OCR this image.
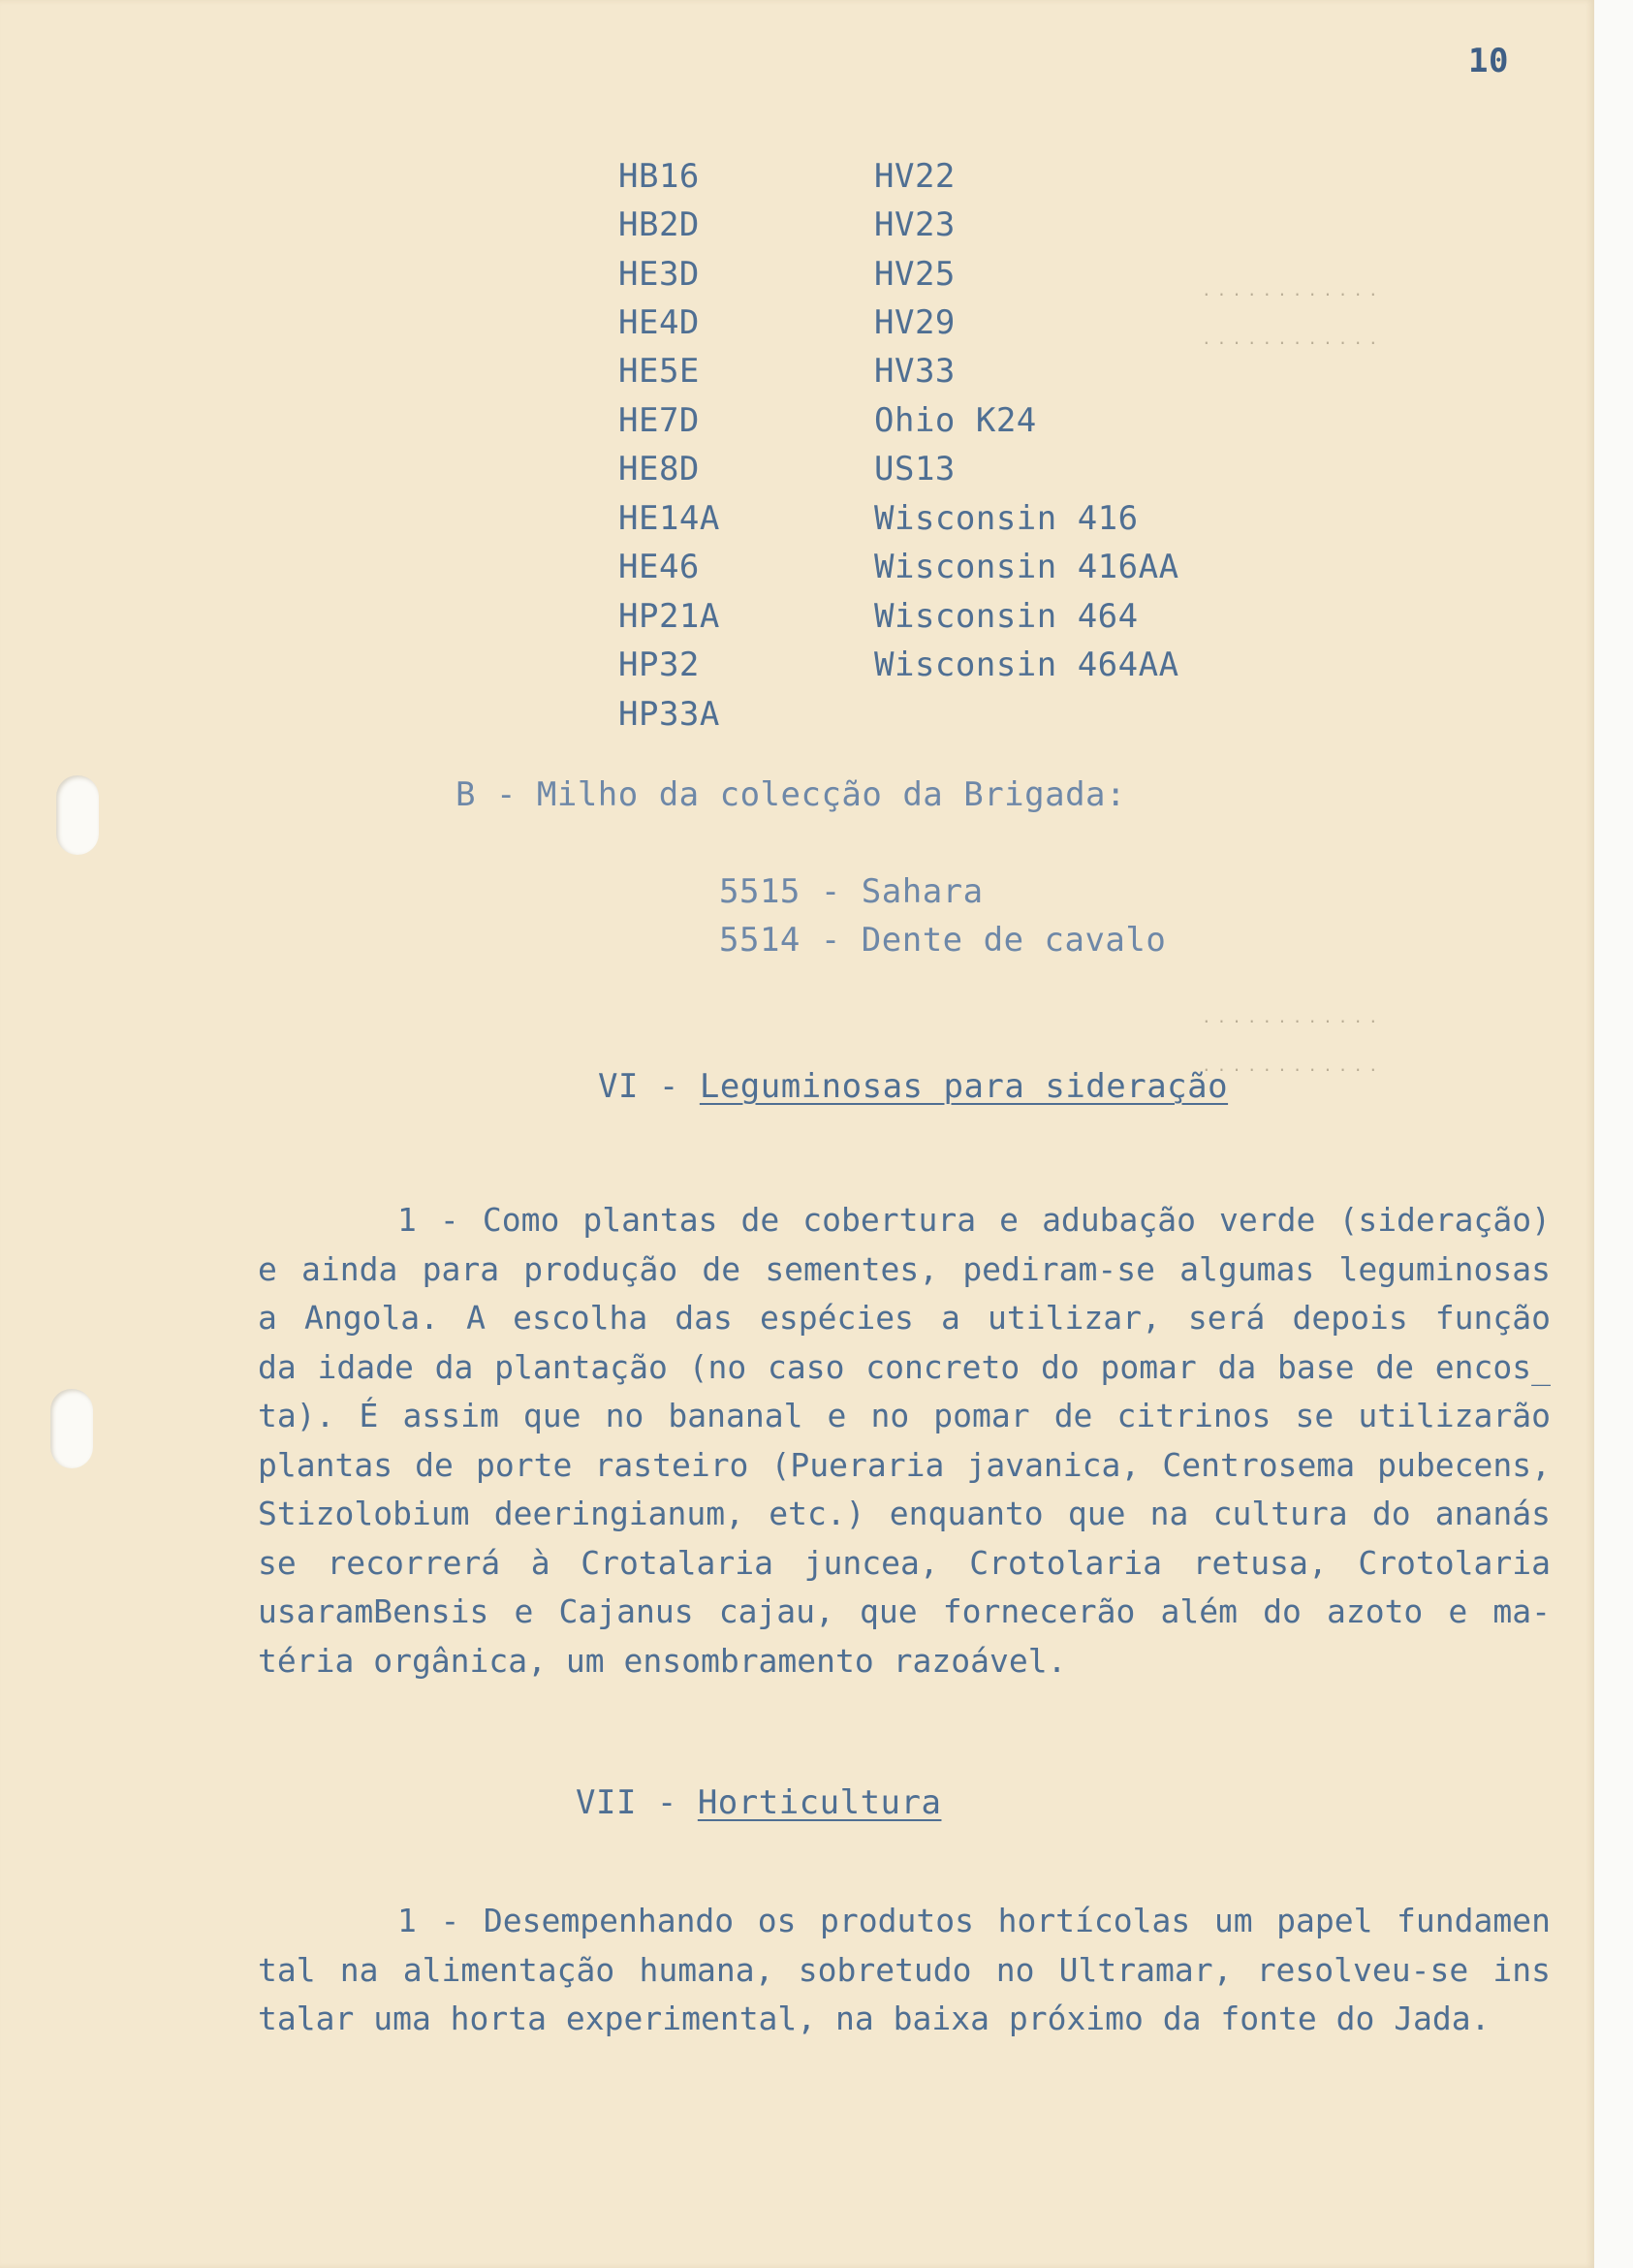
10
HB16
HB2D
HE3D
HE4D
HE5E
HE7D
HE8D
HE14A
HE46
HP21A
HP32
HP33A
HV22
HV23
HV25
HV29
HV33
Ohio K24
US13
Wisconsin 416
Wisconsin 416AA
Wisconsin 464
Wisconsin 464AA
B - Milho da colecção da Brigada:
5515 - Sahara
5514 - Dente de cavalo
............
............
............
............
VI - Leguminosas para sideração
1 - Como plantas de cobertura e adubação verde (sideração)
e ainda para produção de sementes, pediram-se algumas leguminosas
a Angola. A escolha das espécies a utilizar, será depois função
da idade da plantação (no caso concreto do pomar da base de encos_
ta). É assim que no bananal e no pomar de citrinos se utilizarão
plantas de porte rasteiro (Pueraria javanica, Centrosema pubecens,
Stizolobium deeringianum, etc.) enquanto que na cultura do ananás
se recorrerá à Crotalaria juncea, Crotolaria retusa, Crotolaria
usaramBensis e Cajanus cajau, que fornecerão além do azoto e ma-
téria orgânica, um ensombramento razoável.
VII - Horticultura
1 - Desempenhando os produtos hortícolas um papel fundamen
tal na alimentação humana, sobretudo no Ultramar, resolveu-se ins
talar uma horta experimental, na baixa próximo da fonte do Jada.
